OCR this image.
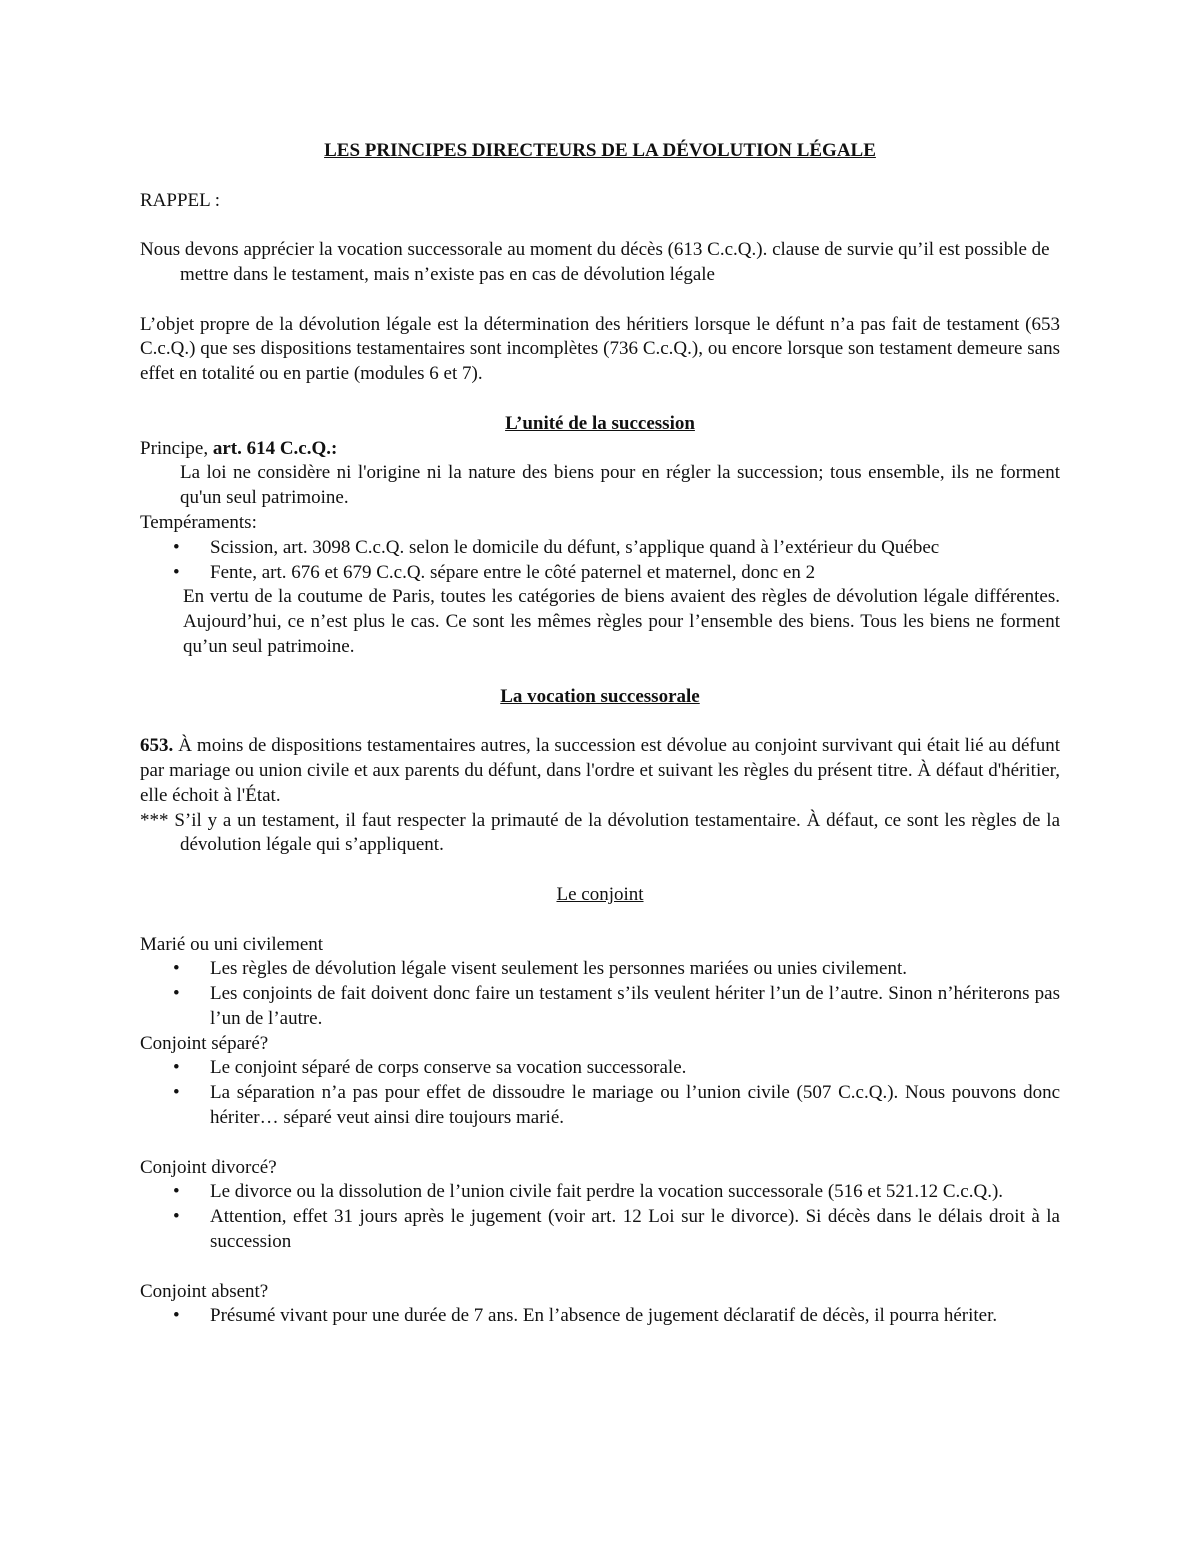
LES PRINCIPES DIRECTEURS DE LA DÉVOLUTION LÉGALE

RAPPEL :

Nous devons apprécier la vocation successorale au moment du décès (613 C.c.Q.). clause de survie qu’il est possible de mettre dans le testament, mais n’existe pas en cas de dévolution légale

L’objet propre de la dévolution légale est la détermination des héritiers lorsque le défunt n’a pas fait de testament (653 C.c.Q.) que ses dispositions testamentaires sont incomplètes (736 C.c.Q.), ou encore lorsque son testament demeure sans effet en totalité ou en partie (modules 6 et 7).

L’unité de la succession

Principe, art. 614 C.c.Q.:

La loi ne considère ni l'origine ni la nature des biens pour en régler la succession; tous ensemble, ils ne forment qu'un seul patrimoine.

Tempéraments:

• Scission, art. 3098 C.c.Q. selon le domicile du défunt, s’applique quand à l’extérieur du Québec
• Fente, art. 676 et 679 C.c.Q. sépare entre le côté paternel et maternel, donc en 2

En vertu de la coutume de Paris, toutes les catégories de biens avaient des règles de dévolution légale différentes. Aujourd’hui, ce n’est plus le cas. Ce sont les mêmes règles pour l’ensemble des biens. Tous les biens ne forment qu’un seul patrimoine.

La vocation successorale

653. À moins de dispositions testamentaires autres, la succession est dévolue au conjoint survivant qui était lié au défunt par mariage ou union civile et aux parents du défunt, dans l'ordre et suivant les règles du présent titre. À défaut d'héritier, elle échoit à l'État.

*** S’il y a un testament, il faut respecter la primauté de la dévolution testamentaire. À défaut, ce sont les règles de la dévolution légale qui s’appliquent.

Le conjoint

Marié ou uni civilement

• Les règles de dévolution légale visent seulement les personnes mariées ou unies civilement.
• Les conjoints de fait doivent donc faire un testament s’ils veulent hériter l’un de l’autre. Sinon n’hériterons pas l’un de l’autre.

Conjoint séparé?

• Le conjoint séparé de corps conserve sa vocation successorale.
• La séparation n’a pas pour effet de dissoudre le mariage ou l’union civile (507 C.c.Q.). Nous pouvons donc hériter… séparé veut ainsi dire toujours marié.

Conjoint divorcé?

• Le divorce ou la dissolution de l’union civile fait perdre la vocation successorale (516 et 521.12 C.c.Q.).
• Attention, effet 31 jours après le jugement (voir art. 12 Loi sur le divorce). Si décès dans le délais droit à la succession

Conjoint absent?

• Présumé vivant pour une durée de 7 ans. En l’absence de jugement déclaratif de décès, il pourra hériter.
